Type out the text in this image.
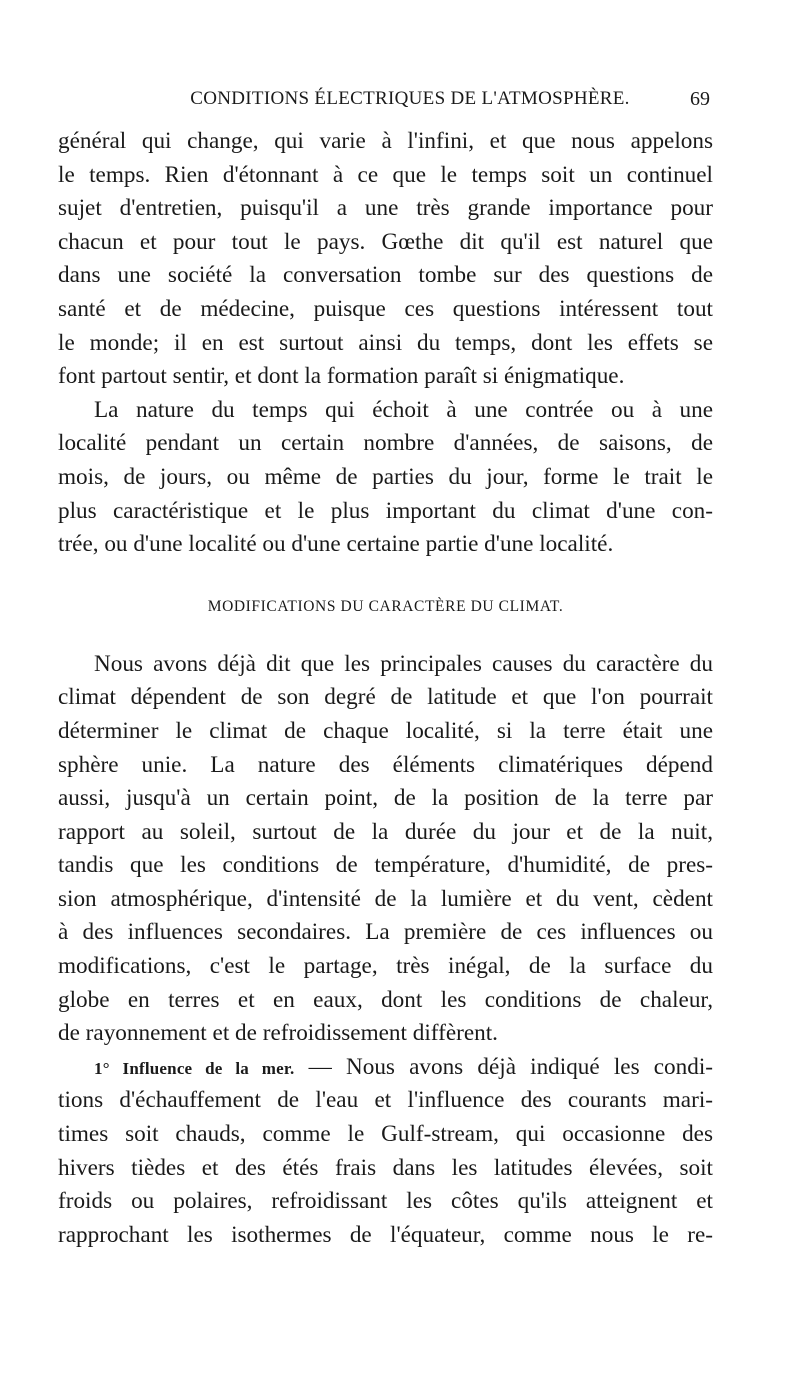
CONDITIONS ÉLECTRIQUES DE L'ATMOSPHÈRE.	69
général qui change, qui varie à l'infini, et que nous appelons
le temps. Rien d'étonnant à ce que le temps soit un continuel
sujet d'entretien, puisqu'il a une très grande importance pour
chacun et pour tout le pays. Gœthe dit qu'il est naturel que
dans une société la conversation tombe sur des questions de
santé et de médecine, puisque ces questions intéressent tout
le monde; il en est surtout ainsi du temps, dont les effets se
font partout sentir, et dont la formation paraît si énigmatique.
La nature du temps qui échoit à une contrée ou à une
localité pendant un certain nombre d'années, de saisons, de
mois, de jours, ou même de parties du jour, forme le trait le
plus caractéristique et le plus important du climat d'une con-
trée, ou d'une localité ou d'une certaine partie d'une localité.
MODIFICATIONS DU CARACTÈRE DU CLIMAT.
Nous avons déjà dit que les principales causes du caractère du
climat dépendent de son degré de latitude et que l'on pourrait
déterminer le climat de chaque localité, si la terre était une
sphère unie. La nature des éléments climatériques dépend
aussi, jusqu'à un certain point, de la position de la terre par
rapport au soleil, surtout de la durée du jour et de la nuit,
tandis que les conditions de température, d'humidité, de pres-
sion atmosphérique, d'intensité de la lumière et du vent, cèdent
à des influences secondaires. La première de ces influences ou
modifications, c'est le partage, très inégal, de la surface du
globe en terres et en eaux, dont les conditions de chaleur,
de rayonnement et de refroidissement diffèrent.
1° Influence de la mer. — Nous avons déjà indiqué les condi-
tions d'échauffement de l'eau et l'influence des courants mari-
times soit chauds, comme le Gulf-stream, qui occasionne des
hivers tièdes et des étés frais dans les latitudes élevées, soit
froids ou polaires, refroidissant les côtes qu'ils atteignent et
rapprochant les isothermes de l'équateur, comme nous le re-
